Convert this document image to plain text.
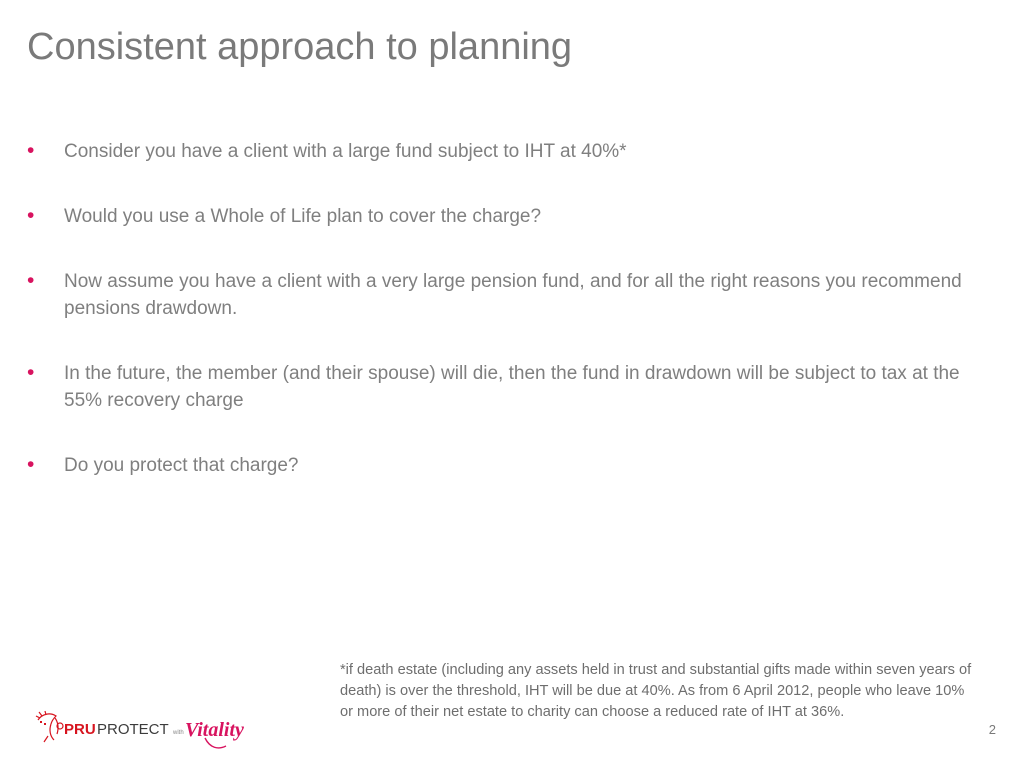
Consistent approach to planning
• Consider you have a client with a large fund subject to IHT at 40%*
• Would you use a Whole of Life plan to cover the charge?
• Now assume you have a client with a very large pension fund, and for all the right reasons you recommend pensions drawdown.
• In the future, the member (and their spouse) will die, then the fund in drawdown will be subject to tax at the 55% recovery charge
• Do you protect that charge?
PRU PROTECT with Vitality

*if death estate (including any assets held in trust and substantial gifts made within seven years of death) is over the threshold, IHT will be due at 40%. As from 6 April 2012, people who leave 10% or more of their net estate to charity can choose a reduced rate of IHT at 36%.

2
